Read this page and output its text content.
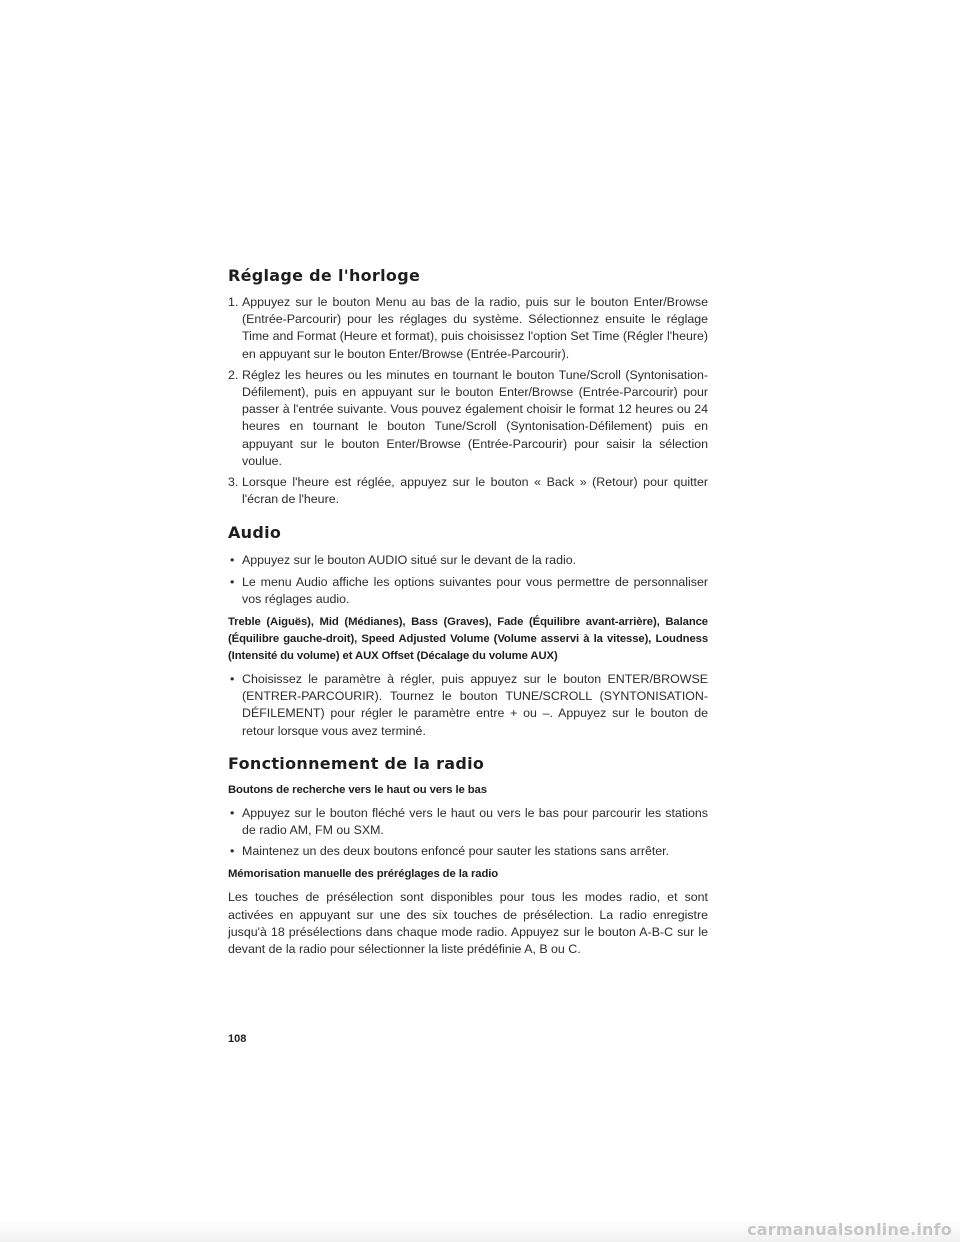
Réglage de l'horloge
1. Appuyez sur le bouton Menu au bas de la radio, puis sur le bouton Enter/Browse (Entrée-Parcourir) pour les réglages du système. Sélectionnez ensuite le réglage Time and Format (Heure et format), puis choisissez l'option Set Time (Régler l'heure) en appuyant sur le bouton Enter/Browse (Entrée-Parcourir).
2. Réglez les heures ou les minutes en tournant le bouton Tune/Scroll (Syntonisation-Défilement), puis en appuyant sur le bouton Enter/Browse (Entrée-Parcourir) pour passer à l'entrée suivante. Vous pouvez également choisir le format 12 heures ou 24 heures en tournant le bouton Tune/Scroll (Syntonisation-Défilement) puis en appuyant sur le bouton Enter/Browse (Entrée-Parcourir) pour saisir la sélection voulue.
3. Lorsque l'heure est réglée, appuyez sur le bouton « Back » (Retour) pour quitter l'écran de l'heure.
Audio
• Appuyez sur le bouton AUDIO situé sur le devant de la radio.
• Le menu Audio affiche les options suivantes pour vous permettre de personnaliser vos réglages audio.
Treble (Aiguës), Mid (Médianes), Bass (Graves), Fade (Équilibre avant-arrière), Balance (Équilibre gauche-droit), Speed Adjusted Volume (Volume asservi à la vitesse), Loudness (Intensité du volume) et AUX Offset (Décalage du volume AUX)
• Choisissez le paramètre à régler, puis appuyez sur le bouton ENTER/BROWSE (ENTRER-PARCOURIR). Tournez le bouton TUNE/SCROLL (SYNTONISATION-DÉFILEMENT) pour régler le paramètre entre + ou –. Appuyez sur le bouton de retour lorsque vous avez terminé.
Fonctionnement de la radio
Boutons de recherche vers le haut ou vers le bas
• Appuyez sur le bouton fléché vers le haut ou vers le bas pour parcourir les stations de radio AM, FM ou SXM.
• Maintenez un des deux boutons enfoncé pour sauter les stations sans arrêter.
Mémorisation manuelle des préréglages de la radio
Les touches de présélection sont disponibles pour tous les modes radio, et sont activées en appuyant sur une des six touches de présélection. La radio enregistre jusqu'à 18 présélections dans chaque mode radio. Appuyez sur le bouton A-B-C sur le devant de la radio pour sélectionner la liste prédéfinie A, B ou C.
108
carmanualsonline.info
